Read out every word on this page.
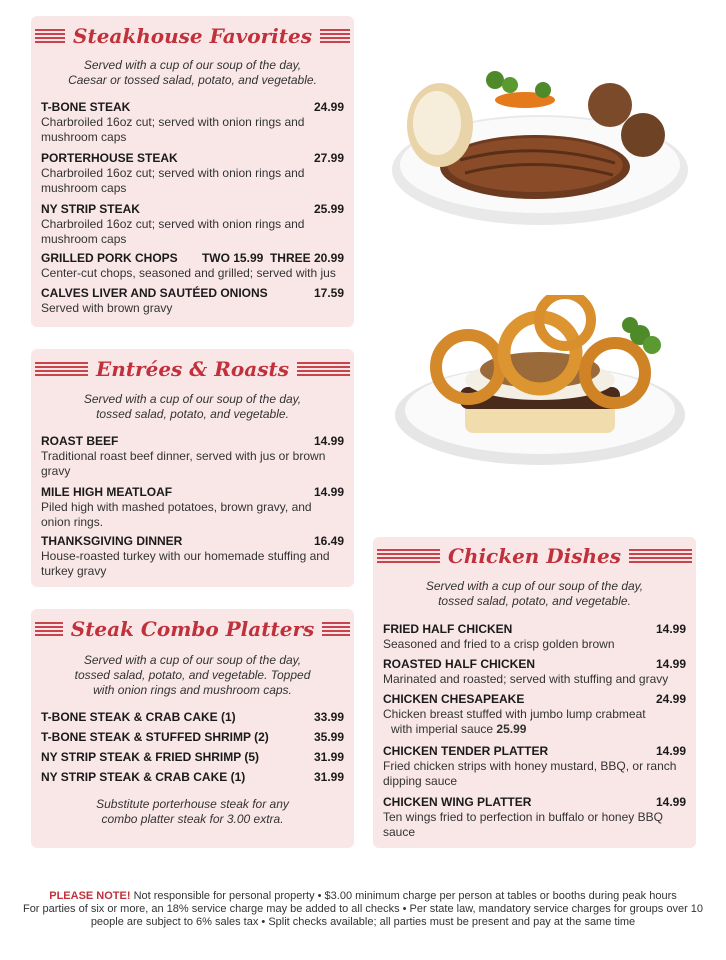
Steakhouse Favorites
Served with a cup of our soup of the day,
Caesar or tossed salad, potato, and vegetable.
T-BONE STEAK	24.99
Charbroiled 16oz cut; served with onion rings and mushroom caps
PORTERHOUSE STEAK	27.99
Charbroiled 16oz cut; served with onion rings and mushroom caps
NY STRIP STEAK	25.99
Charbroiled 16oz cut; served with onion rings and mushroom caps
GRILLED PORK CHOPS TWO 15.99  THREE 20.99
Center-cut chops, seasoned and grilled; served with jus
CALVES LIVER AND SAUTÉED ONIONS	17.59
Served with brown gravy
Entrées & Roasts
Served with a cup of our soup of the day,
tossed salad, potato, and vegetable.
ROAST BEEF	14.99
Traditional roast beef dinner, served with jus or brown gravy
MILE HIGH MEATLOAF	14.99
Piled high with mashed potatoes, brown gravy, and onion rings.
THANKSGIVING DINNER	16.49
House-roasted turkey with our homemade stuffing and turkey gravy
Steak Combo Platters
Served with a cup of our soup of the day,
tossed salad, potato, and vegetable. Topped
with onion rings and mushroom caps.
T-BONE STEAK & CRAB CAKE (1)	33.99
T-BONE STEAK & STUFFED SHRIMP (2)	35.99
NY STRIP STEAK & FRIED SHRIMP (5)	31.99
NY STRIP STEAK & CRAB CAKE (1)	31.99
Substitute porterhouse steak for any
combo platter steak for 3.00 extra.
Chicken Dishes
Served with a cup of our soup of the day,
tossed salad, potato, and vegetable.
FRIED HALF CHICKEN	14.99
Seasoned and fried to a crisp golden brown
ROASTED HALF CHICKEN	14.99
Marinated and roasted; served with stuffing and gravy
CHICKEN CHESAPEAKE	24.99
Chicken breast stuffed with jumbo lump crabmeat
with imperial sauce 25.99
CHICKEN TENDER PLATTER	14.99
Fried chicken strips with honey mustard, BBQ, or ranch dipping sauce
CHICKEN WING PLATTER	14.99
Ten wings fried to perfection in buffalo or honey BBQ sauce
PLEASE NOTE! Not responsible for personal property • $3.00 minimum charge per person at tables or booths during peak hours
For parties of six or more, an 18% service charge may be added to all checks • Per state law, mandatory service charges for groups over 10 people are subject to 6% sales tax • Split checks available; all parties must be present and pay at the same time
